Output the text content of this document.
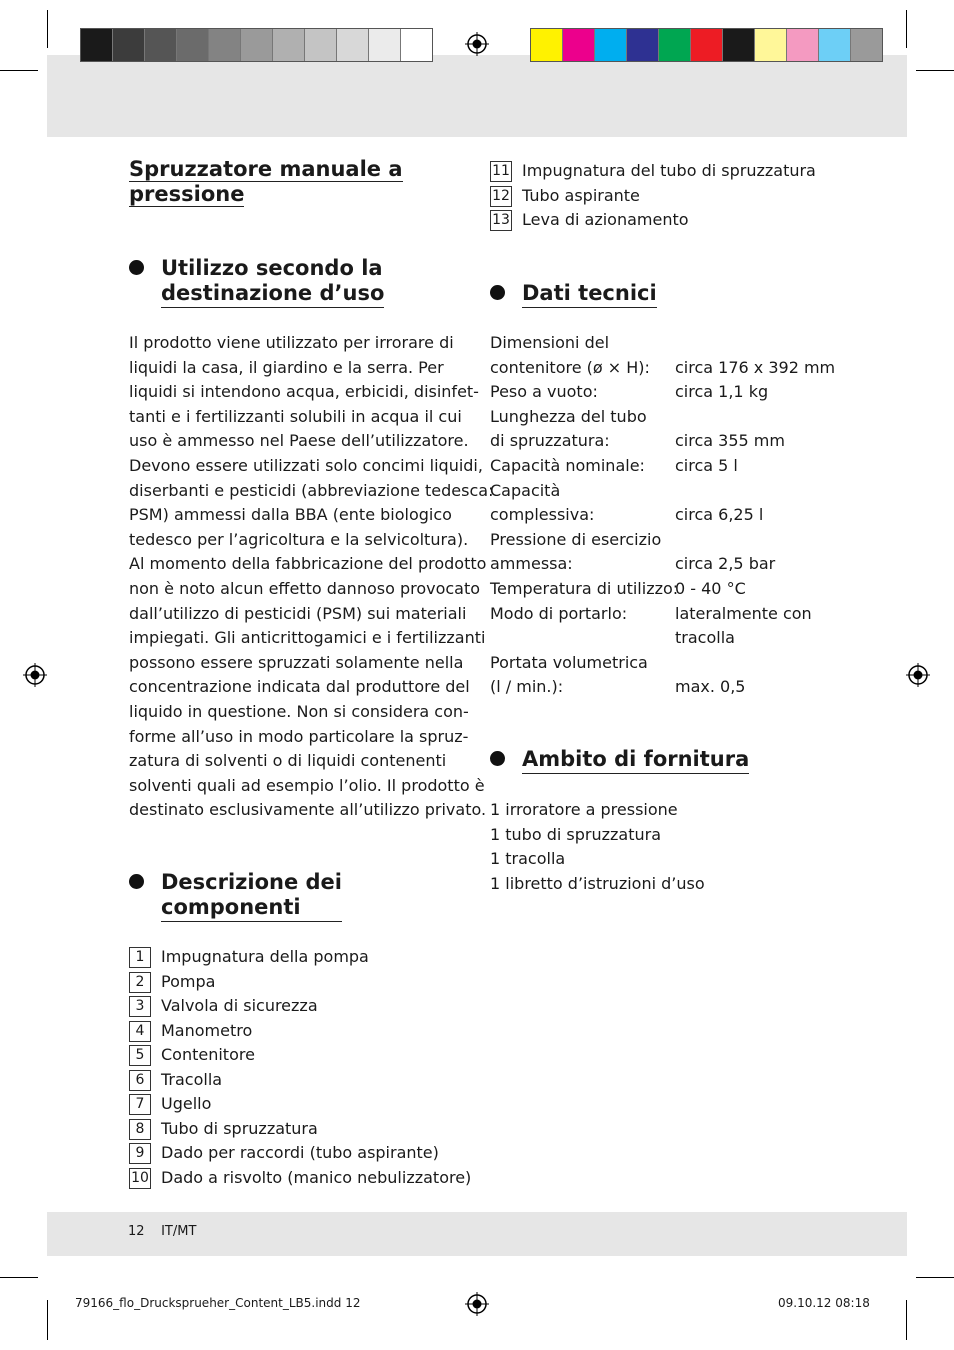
Spruzzatore manuale a
pressione
Utilizzo secondo la
destinazione d’uso
Il prodotto viene utilizzato per irrorare di
liquidi la casa, il giardino e la serra. Per
liquidi si intendono acqua, erbicidi, disinfet-
tanti e i fertilizzanti solubili in acqua il cui
uso è ammesso nel Paese dell’utilizzatore.
Devono essere utilizzati solo concimi liquidi,
diserbanti e pesticidi (abbreviazione tedesca:
PSM) ammessi dalla BBA (ente biologico
tedesco per l’agricoltura e la selvicoltura).
Al momento della fabbricazione del prodotto
non è noto alcun effetto dannoso provocato
dall’utilizzo di pesticidi (PSM) sui materiali
impiegati. Gli anticrittogamici e i fertilizzanti
possono essere spruzzati solamente nella
concentrazione indicata dal produttore del
liquido in questione. Non si considera con-
forme all’uso in modo particolare la spruz-
zatura di solventi o di liquidi contenenti
solventi quali ad esempio l’olio. Il prodotto è
destinato esclusivamente all’utilizzo privato.
Descrizione dei
componenti
1	Impugnatura della pompa
2	Pompa
3	Valvola di sicurezza
4	Manometro
5	Contenitore
6	Tracolla
7	Ugello
8	Tubo di spruzzatura
9	Dado per raccordi (tubo aspirante)
10 Dado a risvolto (manico nebulizzatore)
11 Impugnatura del tubo di spruzzatura
12 Tubo aspirante
13 Leva di azionamento
Dati tecnici
Dimensioni del
contenitore (ø × H): circa 176 x 392 mm
Peso a vuoto:	circa 1,1 kg
Lunghezza del tubo
di spruzzatura:	circa 355 mm
Capacità nominale: circa 5 l
Capacità
complessiva:	circa 6,25 l
Pressione di esercizio
ammessa:	circa 2,5 bar
Temperatura di utilizzo:
0 - 40 °C
Modo di portarlo:	lateralmente con
tracolla
Portata volumetrica
(l / min.):	max. 0,5
Ambito di fornitura
1 irroratore a pressione
1 tubo di spruzzatura
1 tracolla
1 libretto d’istruzioni d’uso
12 IT/MT
79166_flo_Drucksprueher_Content_LB5.indd 12	09.10.12 08:18
